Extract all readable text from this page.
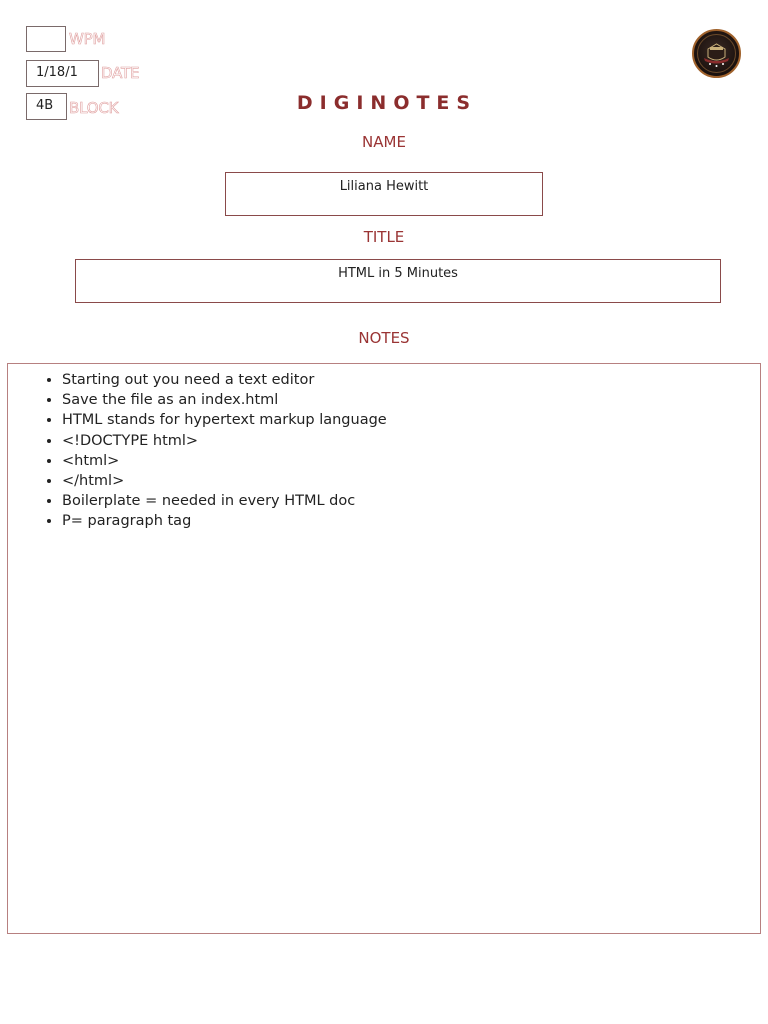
WPM
1/18/1	DATE
4B	BLOCK	DIGINOTES
NAME
Liliana Hewitt
TITLE
HTML in 5 Minutes
NOTES
• Starting out you need a text editor
• Save the file as an index.html
• HTML stands for hypertext markup language
• <!DOCTYPE html>
• <html>
• </html>
• Boilerplate = needed in every HTML doc
• P= paragraph tag
